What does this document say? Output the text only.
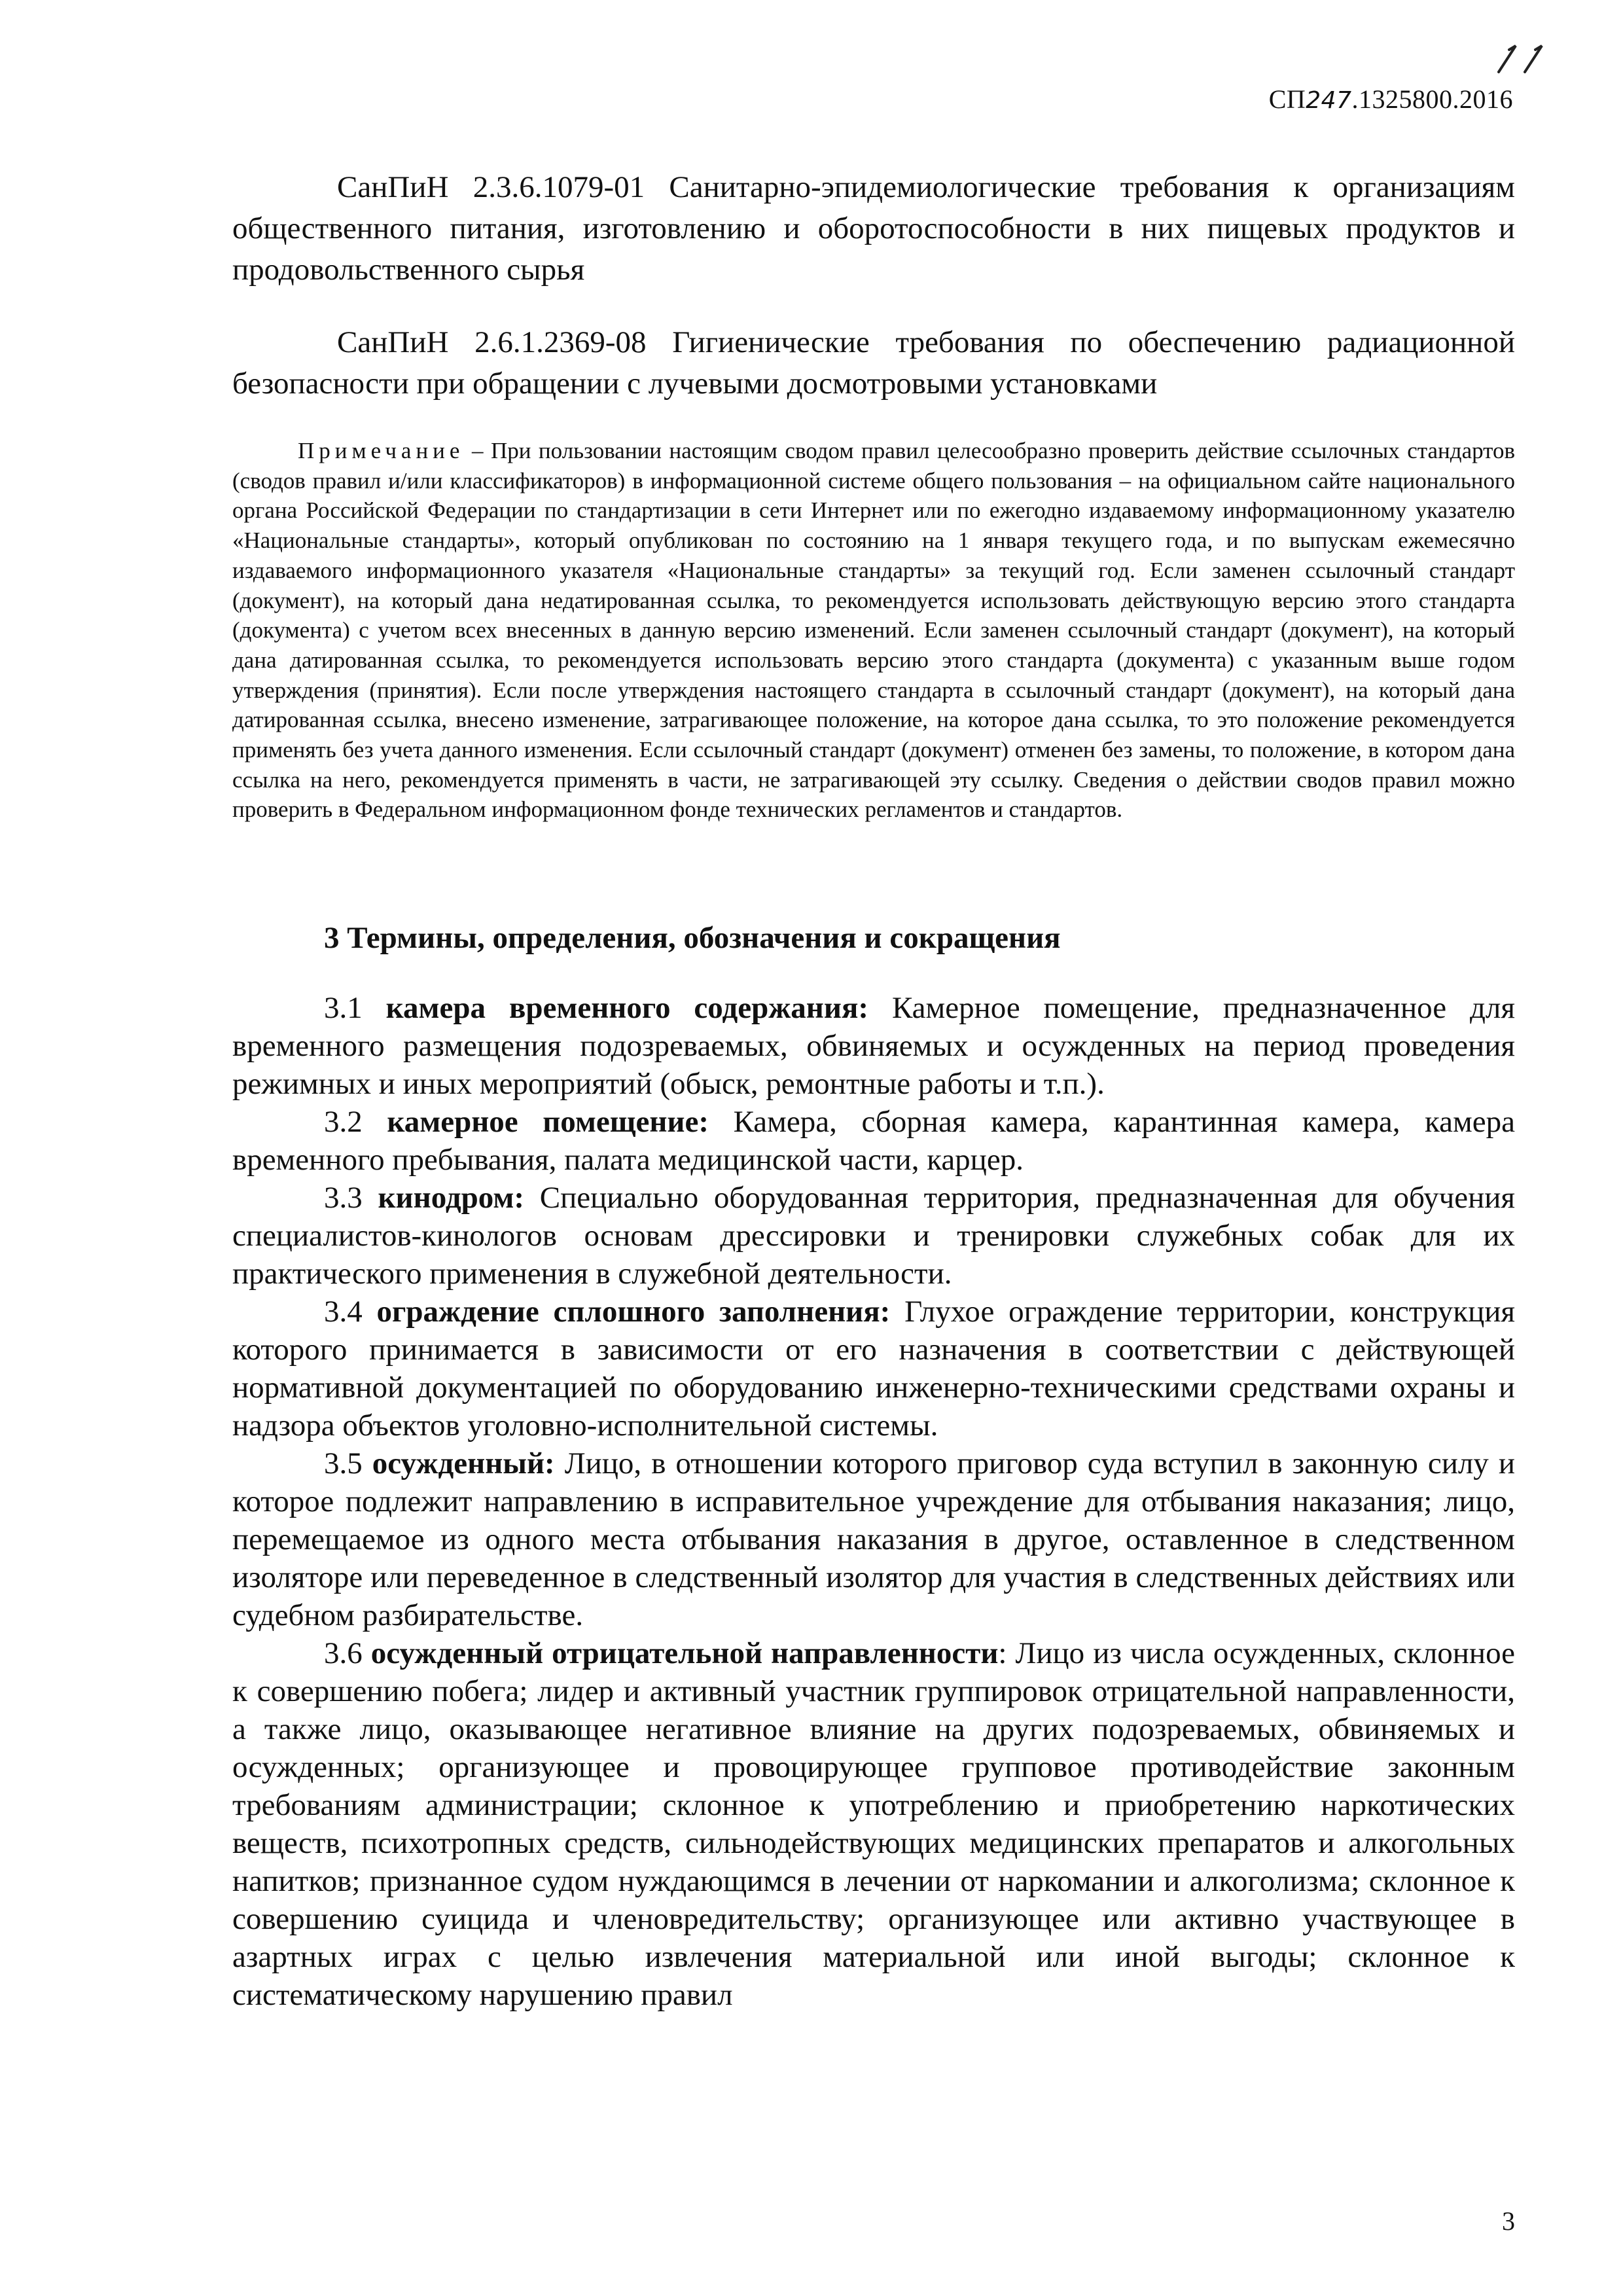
СП247.1325800.2016

СанПиН 2.3.6.1079-01 Санитарно-эпидемиологические требования к организациям общественного питания, изготовлению и оборотоспособности в них пищевых продуктов и продовольственного сырья

СанПиН 2.6.1.2369-08 Гигиенические требования по обеспечению радиационной безопасности при обращении с лучевыми досмотровыми установками

Примечание – При пользовании настоящим сводом правил целесообразно проверить действие ссылочных стандартов (сводов правил и/или классификаторов) в информационной системе общего пользования – на официальном сайте национального органа Российской Федерации по стандартизации в сети Интернет или по ежегодно издаваемому информационному указателю «Национальные стандарты», который опубликован по состоянию на 1 января текущего года, и по выпускам ежемесячно издаваемого информационного указателя «Национальные стандарты» за текущий год. Если заменен ссылочный стандарт (документ), на который дана недатированная ссылка, то рекомендуется использовать действующую версию этого стандарта (документа) с учетом всех внесенных в данную версию изменений. Если заменен ссылочный стандарт (документ), на который дана датированная ссылка, то рекомендуется использовать версию этого стандарта (документа) с указанным выше годом утверждения (принятия). Если после утверждения настоящего стандарта в ссылочный стандарт (документ), на который дана датированная ссылка, внесено изменение, затрагивающее положение, на которое дана ссылка, то это положение рекомендуется применять без учета данного изменения. Если ссылочный стандарт (документ) отменен без замены, то положение, в котором дана ссылка на него, рекомендуется применять в части, не затрагивающей эту ссылку. Сведения о действии сводов правил можно проверить в Федеральном информационном фонде технических регламентов и стандартов.

3 Термины, определения, обозначения и сокращения

3.1 камера временного содержания: Камерное помещение, предназначенное для временного размещения подозреваемых, обвиняемых и осужденных на период проведения режимных и иных мероприятий (обыск, ремонтные работы и т.п.).

3.2 камерное помещение: Камера, сборная камера, карантинная камера, камера временного пребывания, палата медицинской части, карцер.

3.3 кинодром: Специально оборудованная территория, предназначенная для обучения специалистов-кинологов основам дрессировки и тренировки служебных собак для их практического применения в служебной деятельности.

3.4 ограждение сплошного заполнения: Глухое ограждение территории, конструкция которого принимается в зависимости от его назначения в соответствии с действующей нормативной документацией по оборудованию инженерно-техническими средствами охраны и надзора объектов уголовно-исполнительной системы.

3.5 осужденный: Лицо, в отношении которого приговор суда вступил в законную силу и которое подлежит направлению в исправительное учреждение для отбывания наказания; лицо, перемещаемое из одного места отбывания наказания в другое, оставленное в следственном изоляторе или переведенное в следственный изолятор для участия в следственных действиях или судебном разбирательстве.

3.6 осужденный отрицательной направленности: Лицо из числа осужденных, склонное к совершению побега; лидер и активный участник группировок отрицательной направленности, а также лицо, оказывающее негативное влияние на других подозреваемых, обвиняемых и осужденных; организующее и провоцирующее групповое противодействие законным требованиям администрации; склонное к употреблению и приобретению наркотических веществ, психотропных средств, сильнодействующих медицинских препаратов и алкогольных напитков; признанное судом нуждающимся в лечении от наркомании и алкоголизма; склонное к совершению суицида и членовредительству; организующее или активно участвующее в азартных играх с целью извлечения материальной или иной выгоды; склонное к систематическому нарушению правил

3
